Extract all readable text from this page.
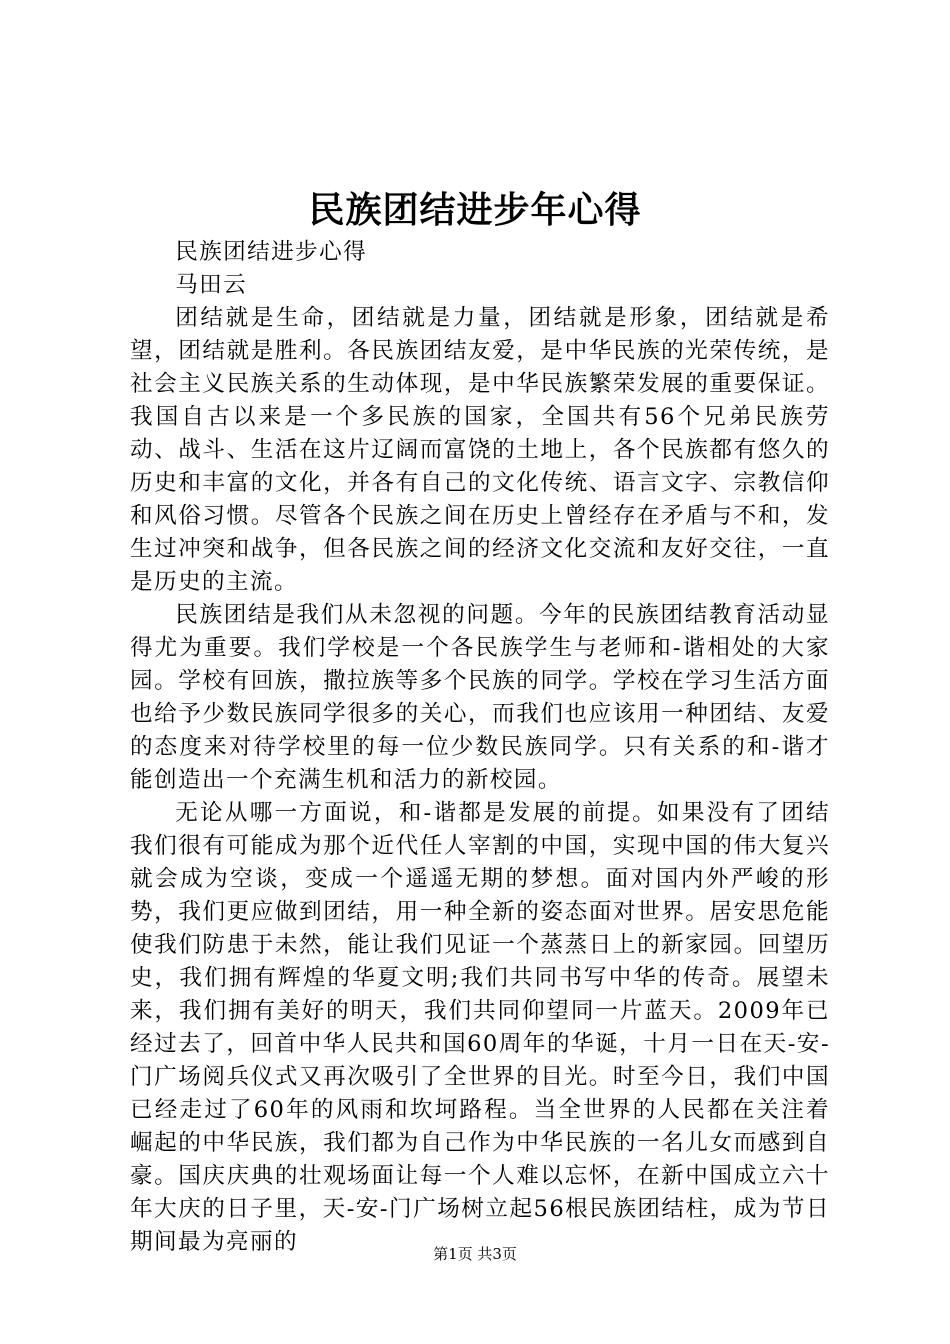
民族团结进步年心得

民族团结进步心得

马田云

团结就是生命，团结就是力量，团结就是形象，团结就是希望，团结就是胜利。各民族团结友爱，是中华民族的光荣传统，是社会主义民族关系的生动体现，是中华民族繁荣发展的重要保证。我国自古以来是一个多民族的国家，全国共有56个兄弟民族劳动、战斗、生活在这片辽阔而富饶的土地上，各个民族都有悠久的历史和丰富的文化，并各有自己的文化传统、语言文字、宗教信仰和风俗习惯。尽管各个民族之间在历史上曾经存在矛盾与不和，发生过冲突和战争，但各民族之间的经济文化交流和友好交往，一直是历史的主流。

民族团结是我们从未忽视的问题。今年的民族团结教育活动显得尤为重要。我们学校是一个各民族学生与老师和-谐相处的大家园。学校有回族，撒拉族等多个民族的同学。学校在学习生活方面也给予少数民族同学很多的关心，而我们也应该用一种团结、友爱的态度来对待学校里的每一位少数民族同学。只有关系的和-谐才能创造出一个充满生机和活力的新校园。

无论从哪一方面说，和-谐都是发展的前提。如果没有了团结我们很有可能成为那个近代任人宰割的中国，实现中国的伟大复兴就会成为空谈，变成一个遥遥无期的梦想。面对国内外严峻的形势，我们更应做到团结，用一种全新的姿态面对世界。居安思危能使我们防患于未然，能让我们见证一个蒸蒸日上的新家园。回望历史，我们拥有辉煌的华夏文明;我们共同书写中华的传奇。展望未来，我们拥有美好的明天，我们共同仰望同一片蓝天。2009年已经过去了，回首中华人民共和国60周年的华诞，十月一日在天-安-门广场阅兵仪式又再次吸引了全世界的目光。时至今日，我们中国已经走过了60年的风雨和坎坷路程。当全世界的人民都在关注着崛起的中华民族，我们都为自己作为中华民族的一名儿女而感到自豪。国庆庆典的壮观场面让每一个人难以忘怀，在新中国成立六十年大庆的日子里，天-安-门广场树立起56根民族团结柱，成为节日期间最为亮丽的	第1页 共3页
